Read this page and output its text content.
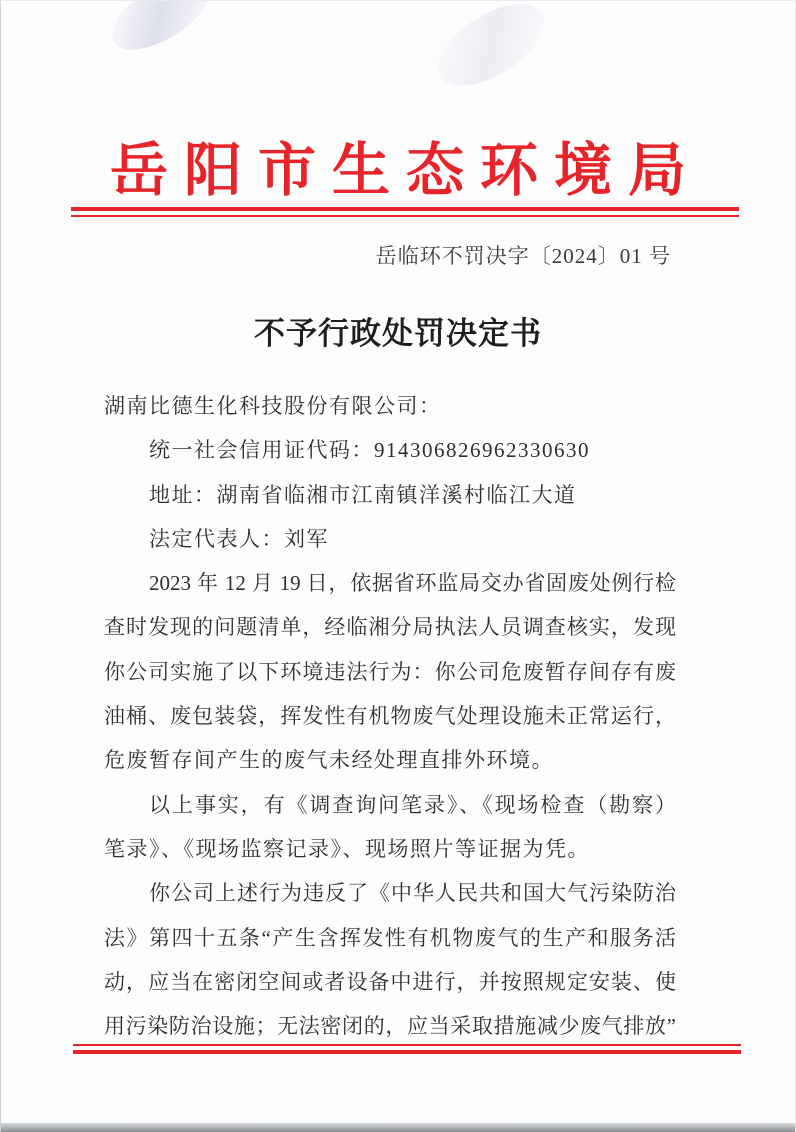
岳阳市生态环境局
岳临环不罚决字〔2024〕01 号
不予行政处罚决定书
湖南比德生化科技股份有限公司：
统一社会信用证代码：914306826962330630
地址：湖南省临湘市江南镇洋溪村临江大道
法定代表人：刘军
2023 年 12 月 19 日，依据省环监局交办省固废处例行检
查时发现的问题清单，经临湘分局执法人员调查核实，发现
你公司实施了以下环境违法行为：你公司危废暂存间存有废
油桶、废包装袋，挥发性有机物废气处理设施未正常运行，
危废暂存间产生的废气未经处理直排外环境。
以上事实，有《调查询问笔录》、《现场检查（勘察）
笔录》、《现场监察记录》、现场照片等证据为凭。
你公司上述行为违反了《中华人民共和国大气污染防治
法》第四十五条“产生含挥发性有机物废气的生产和服务活
动，应当在密闭空间或者设备中进行，并按照规定安装、使
用污染防治设施；无法密闭的，应当采取措施减少废气排放”
